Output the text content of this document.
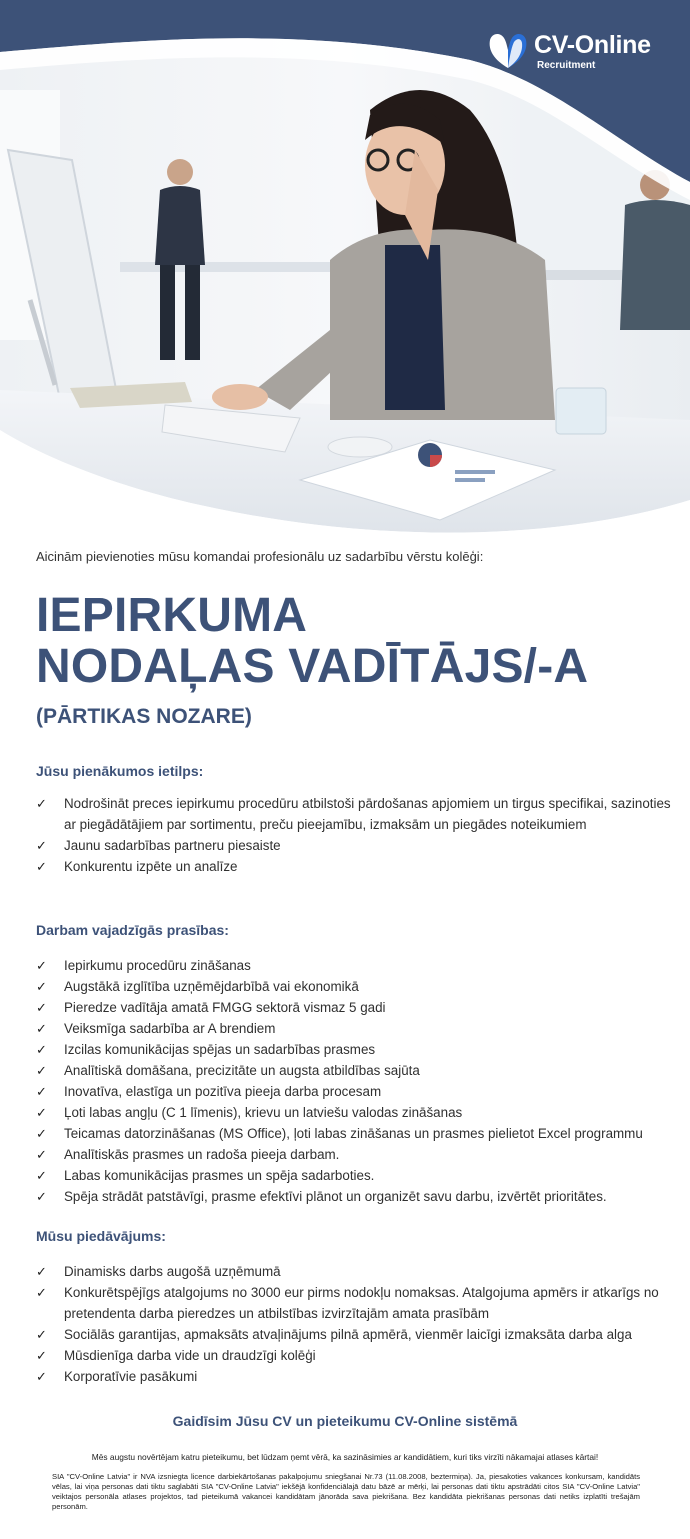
CV-Online
Recruitment

Aicinām pievienoties mūsu komandai profesionālu uz sadarbību vērstu kolēģi:

IEPIRKUMA
NODAĻAS VADĪTĀJS/-A
(PĀRTIKAS NOZARE)
Jūsu pienākumos ietilps:
✓ Nodrošināt preces iepirkumu procedūru atbilstoši pārdošanas apjomiem un tirgus specifikai, sazinoties ar piegādātājiem par sortimentu, preču pieejamību, izmaksām un piegādes noteikumiem
✓ Jaunu sadarbības partneru piesaiste
✓ Konkurentu izpēte un analīze
Darbam vajadzīgās prasības:
✓ Iepirkumu procedūru zināšanas
✓ Augstākā izglītība uzņēmējdarbībā vai ekonomikā
✓ Pieredze vadītāja amatā FMGG sektorā vismaz 5 gadi
✓ Veiksmīga sadarbība ar A brendiem
✓ Izcilas komunikācijas spējas un sadarbības prasmes
✓ Analītiskā domāšana, precizitāte un augsta atbildības sajūta
✓ Inovatīva, elastīga un pozitīva pieeja darba procesam
✓ Ļoti labas angļu (C 1 līmenis), krievu un latviešu valodas zināšanas
✓ Teicamas datorzināšanas (MS Office), ļoti labas zināšanas un prasmes pielietot Excel programmu
✓ Analītiskās prasmes un radoša pieeja darbam.
✓ Labas komunikācijas prasmes un spēja sadarboties.
✓ Spēja strādāt patstāvīgi, prasme efektīvi plānot un organizēt savu darbu, izvērtēt prioritātes.
Mūsu piedāvājums:
✓ Dinamisks darbs augošā uzņēmumā
✓ Konkurētspējīgs atalgojums no 3000 eur pirms nodokļu nomaksas. Atalgojuma apmērs ir atkarīgs no pretendenta darba pieredzes un atbilstības izvirzītajām amata prasībām
✓ Sociālās garantijas, apmaksāts atvaļinājums pilnā apmērā, vienmēr laicīgi izmaksāta darba alga
✓ Mūsdienīga darba vide un draudzīgi kolēģi
✓ Korporatīvie pasākumi
Gaidīsim Jūsu CV un pieteikumu CV-Online sistēmā
Mēs augstu novērtējam katru pieteikumu, bet lūdzam ņemt vērā, ka sazināsimies ar kandidātiem, kuri tiks virzīti nākamajai atlases kārtai!
SIA "CV-Online Latvia" ir NVA izsniegta licence darbiekārtošanas pakalpojumu sniegšanai Nr.73 (11.08.2008, beztermiņa). Ja, piesakoties vakances konkursam, kandidāts vēlas, lai viņa personas dati tiktu saglabāti SIA "CV-Online Latvia" iekšējā konfidenciālajā datu bāzē ar mērķi, lai personas dati tiktu apstrādāti citos SIA "CV-Online Latvia" veiktajos personāla atlases projektos, tad pieteikumā vakancei kandidātam jānorāda sava piekrišana. Bez kandidāta piekrišanas personas dati netiks izplatīti trešajām personām.
